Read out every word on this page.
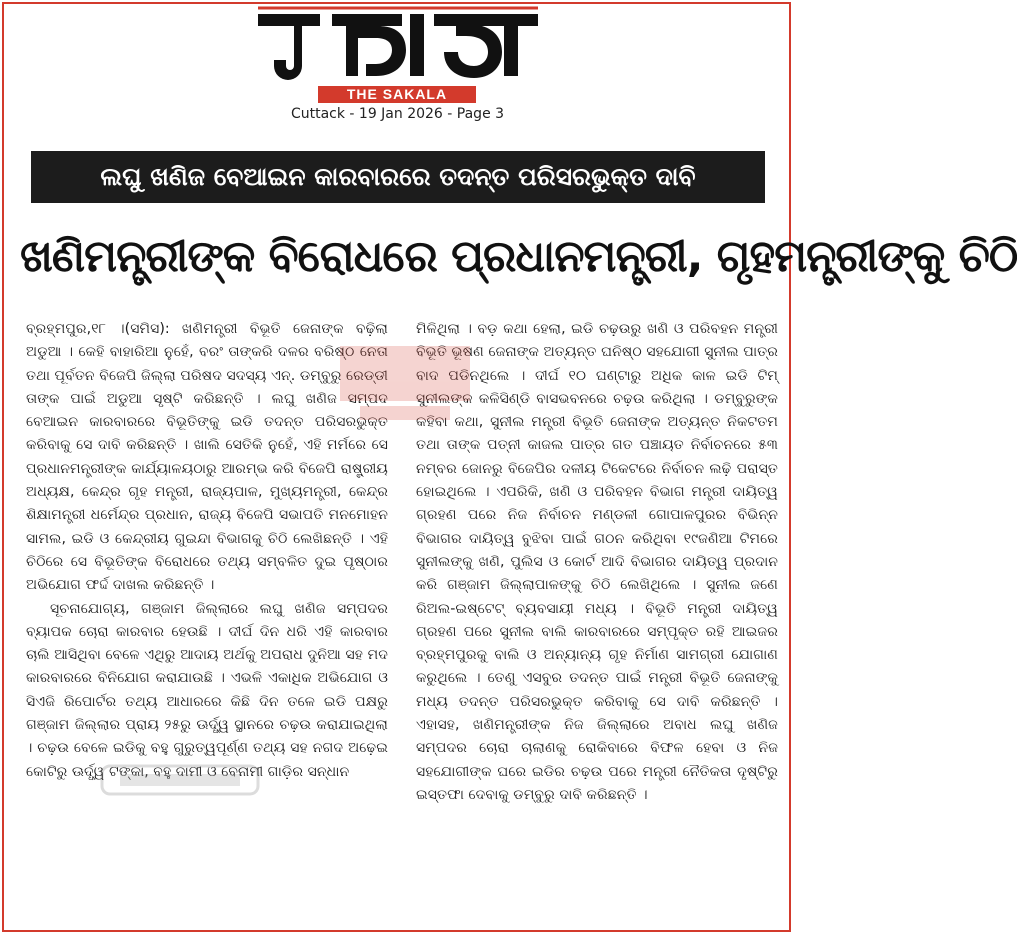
THE SAKALA
Cuttack - 19 Jan 2026 - Page 3
ଲଘୁ ଖଣିଜ ବେଆଇନ କାରବାରରେ ତଦନ୍ତ ପରିସରଭୁକ୍ତ ଦାବି
ଖଣିମନ୍ତ୍ରୀଙ୍କ ବିରୋଧରେ ପ୍ରଧାନମନ୍ତ୍ରୀ, ଗୃହମନ୍ତ୍ରୀଙ୍କୁ ଚିଠି

ବ୍ରହ୍ମପୁର,୧୮ ।(ସମିସ): ଖଣିମନ୍ତ୍ରୀ ବିଭୂତି ଜେନାଙ୍କ ବଢ଼ିଲା ଅଡୁଆ । କେହି ବାହାରିଆ ନୁହେଁ, ବରଂ ତାଙ୍କରି ଦଳର ବରିଷ୍ଠ ନେତା ତଥା ପୂର୍ବତନ ବିଜେପି ଜିଲ୍ଲା ପରିଷଦ ସଦସ୍ୟ ଏନ୍. ଡମ୍ବୁରୁ ରେଡ୍ଡୀ ତାଙ୍କ ପାଇଁ ଅଡୁଆ ସୃଷ୍ଟି କରିଛନ୍ତି । ଲଘୁ ଖଣିଜ ସମ୍ପଦ ବେଆଇନ କାରବାରରେ ବିଭୂତିଙ୍କୁ ଇଡି ତଦନ୍ତ ପରିସରଭୁକ୍ତ କରିବାକୁ ସେ ଦାବି କରିଛନ୍ତି । ଖାଲି ସେତିକି ନୁହେଁ, ଏହି ମର୍ମରେ ସେ ପ୍ରଧାନମନ୍ତ୍ରୀଙ୍କ କାର୍ଯ୍ୟାଳୟଠାରୁ ଆରମ୍ଭ କରି ବିଜେପି ରାଷ୍ଟ୍ରୀୟ ଅଧ୍ୟକ୍ଷ, କେନ୍ଦ୍ର ଗୃହ ମନ୍ତ୍ରୀ, ରାଜ୍ୟପାଳ, ମୁଖ୍ୟମନ୍ତ୍ରୀ, କେନ୍ଦ୍ର ଶିକ୍ଷାମନ୍ତ୍ରୀ ଧର୍ମେନ୍ଦ୍ର ପ୍ରଧାନ, ରାଜ୍ୟ ବିଜେପି ସଭାପତି ମନମୋହନ ସାମଲ, ଇଡି ଓ କେନ୍ଦ୍ରୀୟ ଗୁଇନ୍ଦା ବିଭାଗକୁ ଚିଠି ଲେଖିଛନ୍ତି । ଏହି ଚିଠିରେ ସେ ବିଭୂତିଙ୍କ ବିରୋଧରେ ତଥ୍ୟ ସମ୍ବଳିତ ଦୁଇ ପୃଷ୍ଠାର ଅଭିଯୋଗ ଫର୍ଦ୍ଦ ଦାଖଲ କରିଛନ୍ତି ।

ସୂଚନାଯୋଗ୍ୟ, ଗଞ୍ଜାମ ଜିଲ୍ଲାରେ ଲଘୁ ଖଣିଜ ସମ୍ପଦର ବ୍ୟାପକ ଚୋରା କାରବାର ହେଉଛି । ଦୀର୍ଘ ଦିନ ଧରି ଏହି କାରବାର ଚାଲି ଆସିଥିବା ବେଳେ ଏଥିରୁ ଆଦାୟ ଅର୍ଥକୁ ଅପରାଧ ଦୁନିଆ ସହ ମଦ କାରବାରରେ ବିନିଯୋଗ କରାଯାଉଛି । ଏଭଳି ଏକାଧିକ ଅଭିଯୋଗ ଓ ସିଏଜି ରିପୋର୍ଟର ତଥ୍ୟ ଆଧାରରେ କିଛି ଦିନ ତଳେ ଇଡି ପକ୍ଷରୁ ଗଞ୍ଜାମ ଜିଲ୍ଲାର ପ୍ରାୟ ୨୫ରୁ ଊର୍ଦ୍ଧ୍ୱ ସ୍ଥାନରେ ଚଢ଼ଉ କରାଯାଇଥିଲା । ଚଢ଼ଉ ବେଳେ ଇଡିକୁ ବହୁ ଗୁରୁତ୍ୱପୂର୍ଣ୍ଣ ତଥ୍ୟ ସହ ନଗଦ ଅଢ଼େଇ କୋଟିରୁ ଊର୍ଦ୍ଧ୍ୱ ଟଙ୍କା, ବହୁ ଦାମୀ ଓ ବେନାମୀ ଗାଡ଼ିର ସନ୍ଧାନ

ମିଳିଥିଲା । ବଡ଼ କଥା ହେଲା, ଇଡି ଚଢ଼ଉରୁ ଖଣି ଓ ପରିବହନ ମନ୍ତ୍ରୀ ବିଭୂତି ଭୂଷଣ ଜେନାଙ୍କ ଅତ୍ୟନ୍ତ ଘନିଷ୍ଠ ସହଯୋଗୀ ସୁନୀଲ ପାତ୍ର ବାଦ ପଡିନଥିଲେ । ଦୀର୍ଘ ୧୦ ଘଣ୍ଟାରୁ ଅଧିକ କାଳ ଇଡି ଟିମ୍ ସୁନୀଲଙ୍କ କଳିସିଣ୍ଡି ବାସଭବନରେ ଚଢ଼ଉ କରିଥିଲା । ଡମ୍ବୁରୁଙ୍କ କହିବା କଥା, ସୁନୀଲ ମନ୍ତ୍ରୀ ବିଭୂତି ଜେନାଙ୍କ ଅତ୍ୟନ୍ତ ନିକଟତମ ତଥା ତାଙ୍କ ପତ୍ନୀ କାଜଲ ପାତ୍ର ଗତ ପଞ୍ଚାୟତ ନିର୍ବାଚନରେ ୫୩ ନମ୍ବର ଜୋନରୁ ବିଜେପିର ଦଳୀୟ ଟିକେଟରେ ନିର୍ବାଚନ ଲଢ଼ି ପରାସ୍ତ ହୋଇଥିଲେ । ଏପରିକି, ଖଣି ଓ ପରିବହନ ବିଭାଗ ମନ୍ତ୍ରୀ ଦାୟିତ୍ୱ ଗ୍ରହଣ ପରେ ନିଜ ନିର୍ବାଚନ ମଣ୍ଡଳୀ ଗୋପାଳପୁରର ବିଭିନ୍ନ ବିଭାଗର ଦାୟିତ୍ୱ ବୁଝିବା ପାଇଁ ଗଠନ କରିଥିବା ୧୯ଜଣିଆ ଟିମରେ ସୁନୀଲଙ୍କୁ ଖଣି, ପୁଲିସ ଓ କୋର୍ଟ ଆଦି ବିଭାଗର ଦାୟିତ୍ୱ ପ୍ରଦାନ କରି ଗଞ୍ଜାମ ଜିଲ୍ଲାପାଳଙ୍କୁ ଚିଠି ଲେଖିଥିଲେ । ସୁନୀଲ ଜଣେ ରିଅଲ-ଇଷ୍ଟେଟ୍ ବ୍ୟବସାୟୀ ମଧ୍ୟ । ବିଭୂତି ମନ୍ତ୍ରୀ ଦାୟିତ୍ୱ ଗ୍ରହଣ ପରେ ସୁନୀଲ ବାଲି କାରବାରରେ ସମ୍ପୃକ୍ତ ରହି ଆଇଜର ବ୍ରହ୍ମପୁରକୁ ବାଲି ଓ ଅନ୍ୟାନ୍ୟ ଗୃହ ନିର୍ମାଣ ସାମଗ୍ରୀ ଯୋଗାଣ କରୁଥିଲେ । ତେଣୁ ଏସବୁର ତଦନ୍ତ ପାଇଁ ମନ୍ତ୍ରୀ ବିଭୂତି ଜେନାଙ୍କୁ ମଧ୍ୟ ତଦନ୍ତ ପରିସରଭୁକ୍ତ କରିବାକୁ ସେ ଦାବି କରିଛନ୍ତି । ଏହାସହ, ଖଣିମନ୍ତ୍ରୀଙ୍କ ନିଜ ଜିଲ୍ଲାରେ ଅବାଧ ଲଘୁ ଖଣିଜ ସମ୍ପଦର ଚୋରା ଚାଲାଣକୁ ରୋକିବାରେ ବିଫଳ ହେବା ଓ ନିଜ ସହଯୋଗୀଙ୍କ ଘରେ ଇଡିର ଚଢ଼ଉ ପରେ ମନ୍ତ୍ରୀ ନୈତିକତା ଦୃଷ୍ଟିରୁ ଇସ୍ତଫା ଦେବାକୁ ଡମ୍ବୁରୁ ଦାବି କରିଛନ୍ତି ।
